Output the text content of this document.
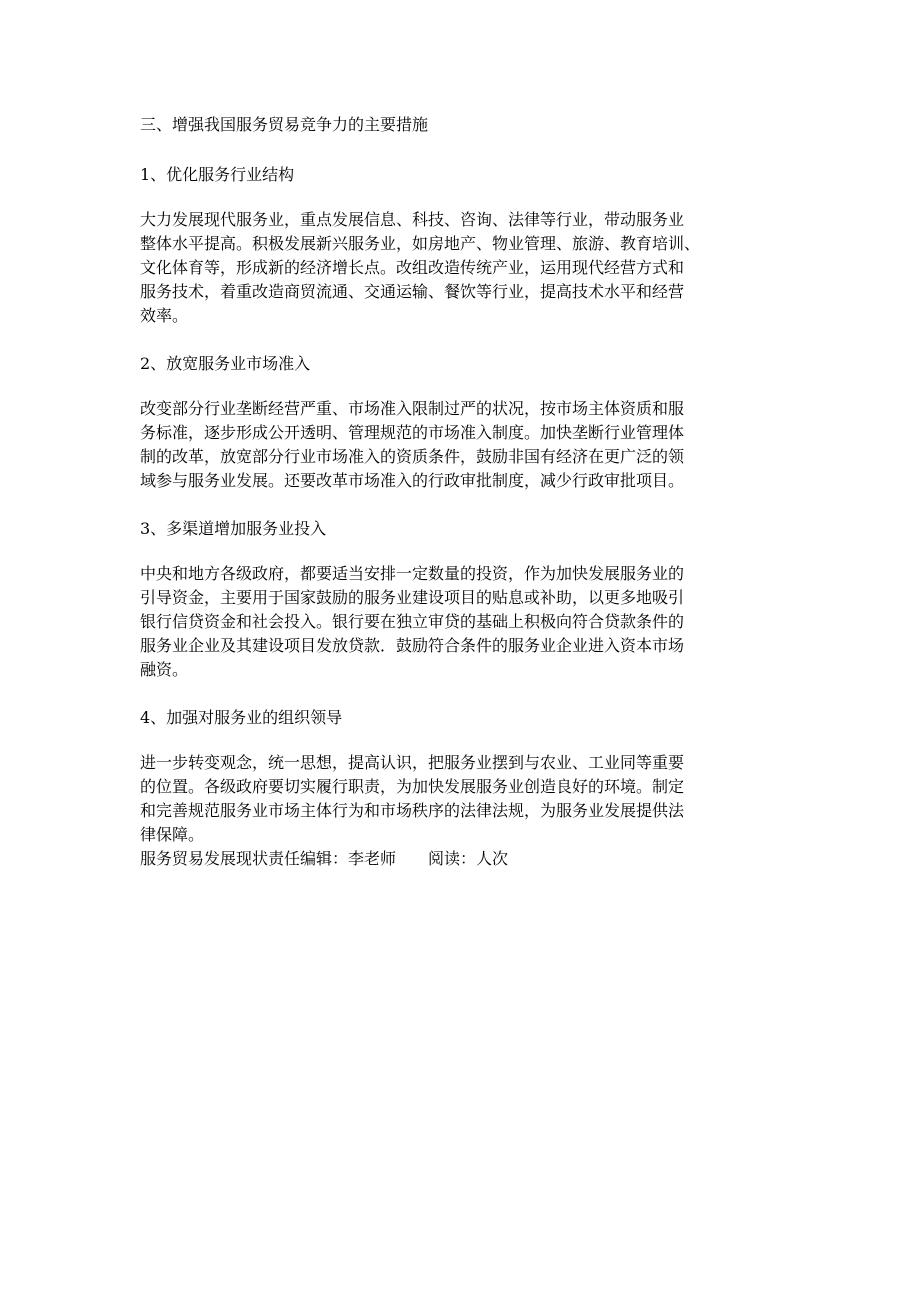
三、增强我国服务贸易竞争力的主要措施

1、优化服务行业结构

大力发展现代服务业，重点发展信息、科技、咨询、法律等行业，带动服务业
整体水平提高。积极发展新兴服务业，如房地产、物业管理、旅游、教育培训、
文化体育等，形成新的经济增长点。改组改造传统产业，运用现代经营方式和
服务技术，着重改造商贸流通、交通运输、餐饮等行业，提高技术水平和经营
效率。

2、放宽服务业市场准入

改变部分行业垄断经营严重、市场准入限制过严的状况，按市场主体资质和服
务标准，逐步形成公开透明、管理规范的市场准入制度。加快垄断行业管理体
制的改革，放宽部分行业市场准入的资质条件，鼓励非国有经济在更广泛的领
域参与服务业发展。还要改革市场准入的行政审批制度，减少行政审批项目。

3、多渠道增加服务业投入

中央和地方各级政府，都要适当安排一定数量的投资，作为加快发展服务业的
引导资金，主要用于国家鼓励的服务业建设项目的贴息或补助，以更多地吸引
银行信贷资金和社会投入。银行要在独立审贷的基础上积极向符合贷款条件的
服务业企业及其建设项目发放贷款．鼓励符合条件的服务业企业进入资本市场
融资。

4、加强对服务业的组织领导

进一步转变观念，统一思想，提高认识，把服务业摆到与农业、工业同等重要
的位置。各级政府要切实履行职责，为加快发展服务业创造良好的环境。制定
和完善规范服务业市场主体行为和市场秩序的法律法规，为服务业发展提供法
律保障。

服务贸易发展现状责任编辑：李老师 阅读：人次
